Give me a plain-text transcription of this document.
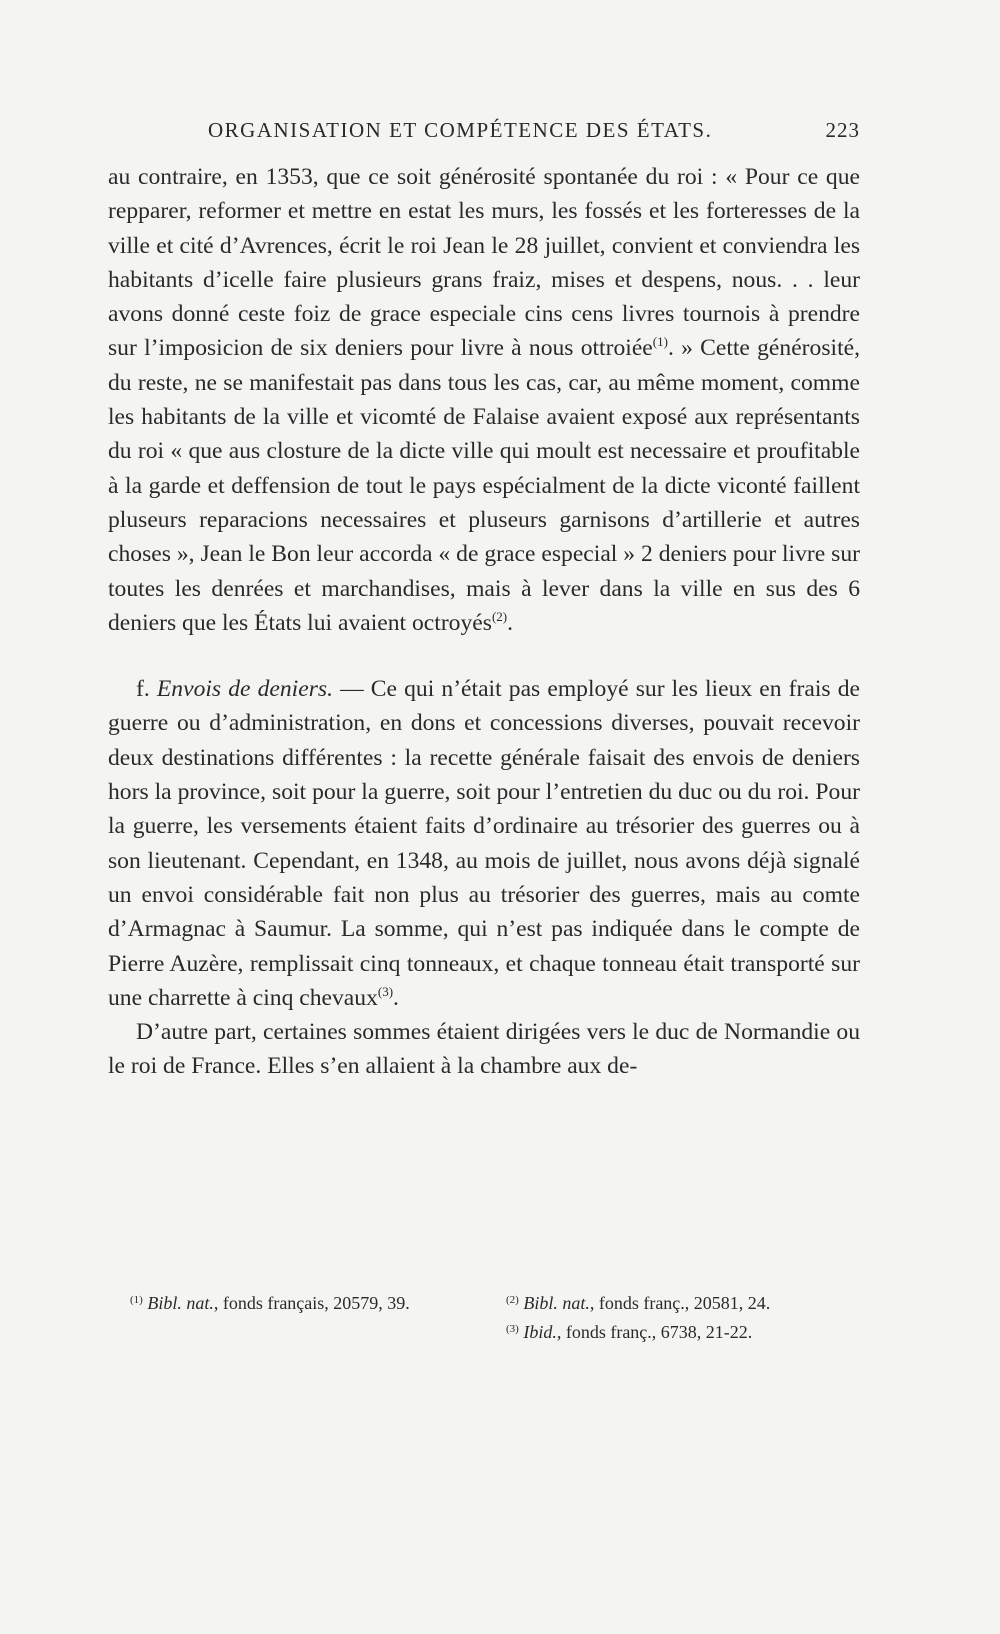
ORGANISATION ET COMPÉTENCE DES ÉTATS.	223

au contraire, en 1353, que ce soit générosité spontanée du roi : « Pour ce que repparer, reformer et mettre en estat les murs, les fossés et les forteresses de la ville et cité d’Avrences, écrit le roi Jean le 28 juillet, convient et conviendra les habitants d’icelle faire plusieurs grans fraiz, mises et despens, nous. . . leur avons donné ceste foiz de grace especiale cins cens livres tournois à prendre sur l’imposicion de six deniers pour livre à nous ottroiée$^{(1)}$. » Cette générosité, du reste, ne se manifestait pas dans tous les cas, car, au même moment, comme les habitants de la ville et vicomté de Falaise avaient exposé aux représentants du roi « que aus closture de la dicte ville qui moult est necessaire et proufitable à la garde et deffension de tout le pays espécialment de la dicte viconté faillent pluseurs reparacions necessaires et pluseurs garnisons d’artillerie et autres choses », Jean le Bon leur accorda « de grace especial » 2 deniers pour livre sur toutes les denrées et marchandises, mais à lever dans la ville en sus des 6 deniers que les États lui avaient octroyés$^{(2)}$.

f. Envois de deniers. — Ce qui n’était pas employé sur les lieux en frais de guerre ou d’administration, en dons et concessions diverses, pouvait recevoir deux destinations différentes : la recette générale faisait des envois de deniers hors la province, soit pour la guerre, soit pour l’entretien du duc ou du roi. Pour la guerre, les versements étaient faits d’ordinaire au trésorier des guerres ou à son lieutenant. Cependant, en 1348, au mois de juillet, nous avons déjà signalé un envoi considérable fait non plus au trésorier des guerres, mais au comte d’Armagnac à Saumur. La somme, qui n’est pas indiquée dans le compte de Pierre Auzère, remplissait cinq tonneaux, et chaque tonneau était transporté sur une charrette à cinq chevaux$^{(3)}$.

D’autre part, certaines sommes étaient dirigées vers le duc de Normandie ou le roi de France. Elles s’en allaient à la chambre aux de-

$^{(1)}$ Bibl. nat., fonds français, 20579, 39.	$^{(2)}$ Bibl. nat., fonds franç., 20581, 24.
$^{(3)}$ Ibid., fonds franç., 6738, 21-22.
